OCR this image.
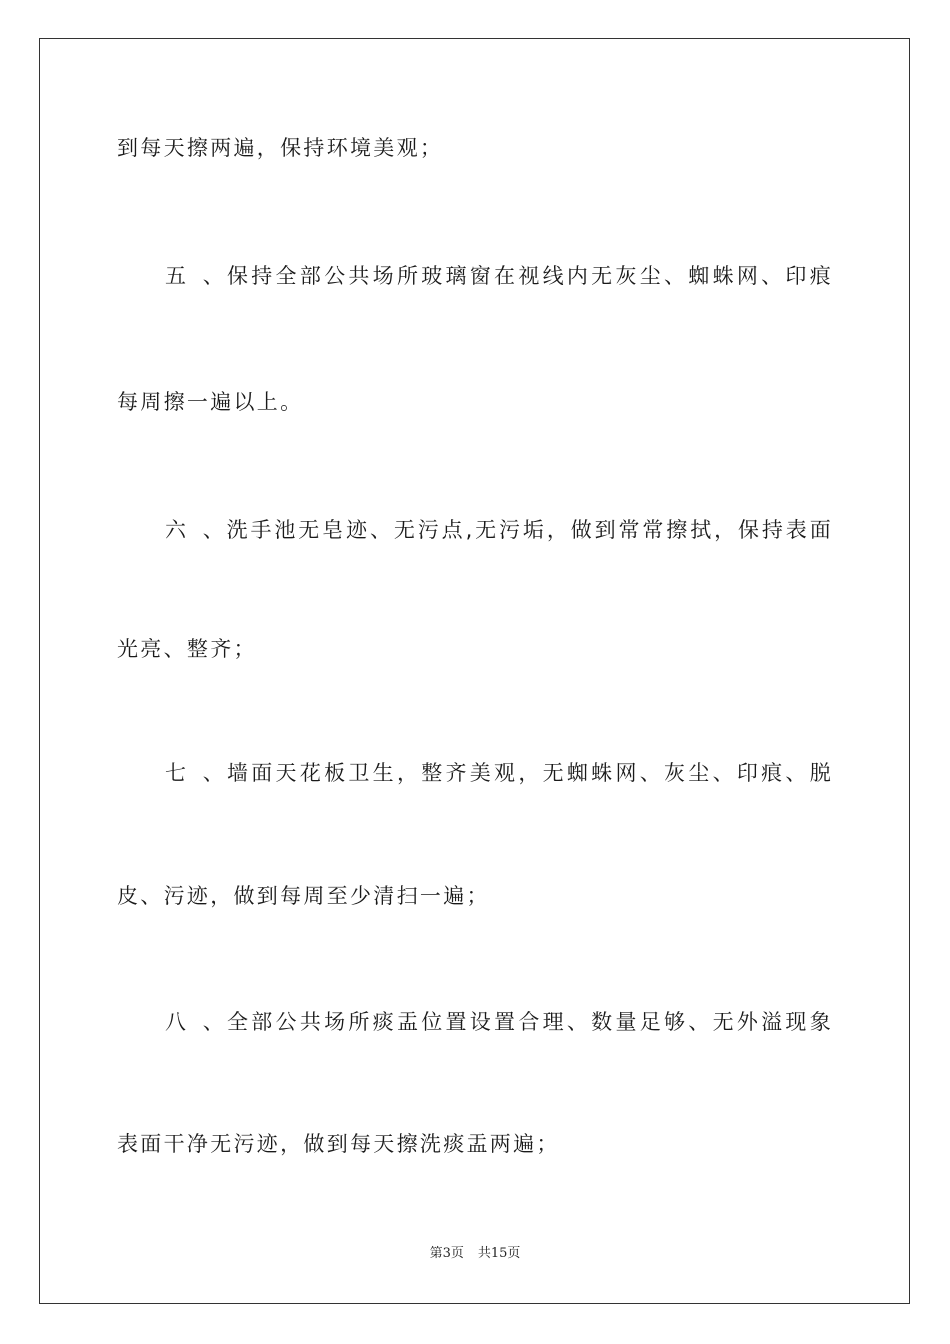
到每天擦两遍，保持环境美观；
五、保持全部公共场所玻璃窗在视线内无灰尘、蜘蛛网、印痕
每周擦一遍以上。
六、洗手池无皂迹、无污点,无污垢，做到常常擦拭，保持表面
光亮、整齐；
七、墙面天花板卫生，整齐美观，无蜘蛛网、灰尘、印痕、脱
皮、污迹，做到每周至少清扫一遍；
八、全部公共场所痰盂位置设置合理、数量足够、无外溢现象
表面干净无污迹，做到每天擦洗痰盂两遍；
第3页 共15页
